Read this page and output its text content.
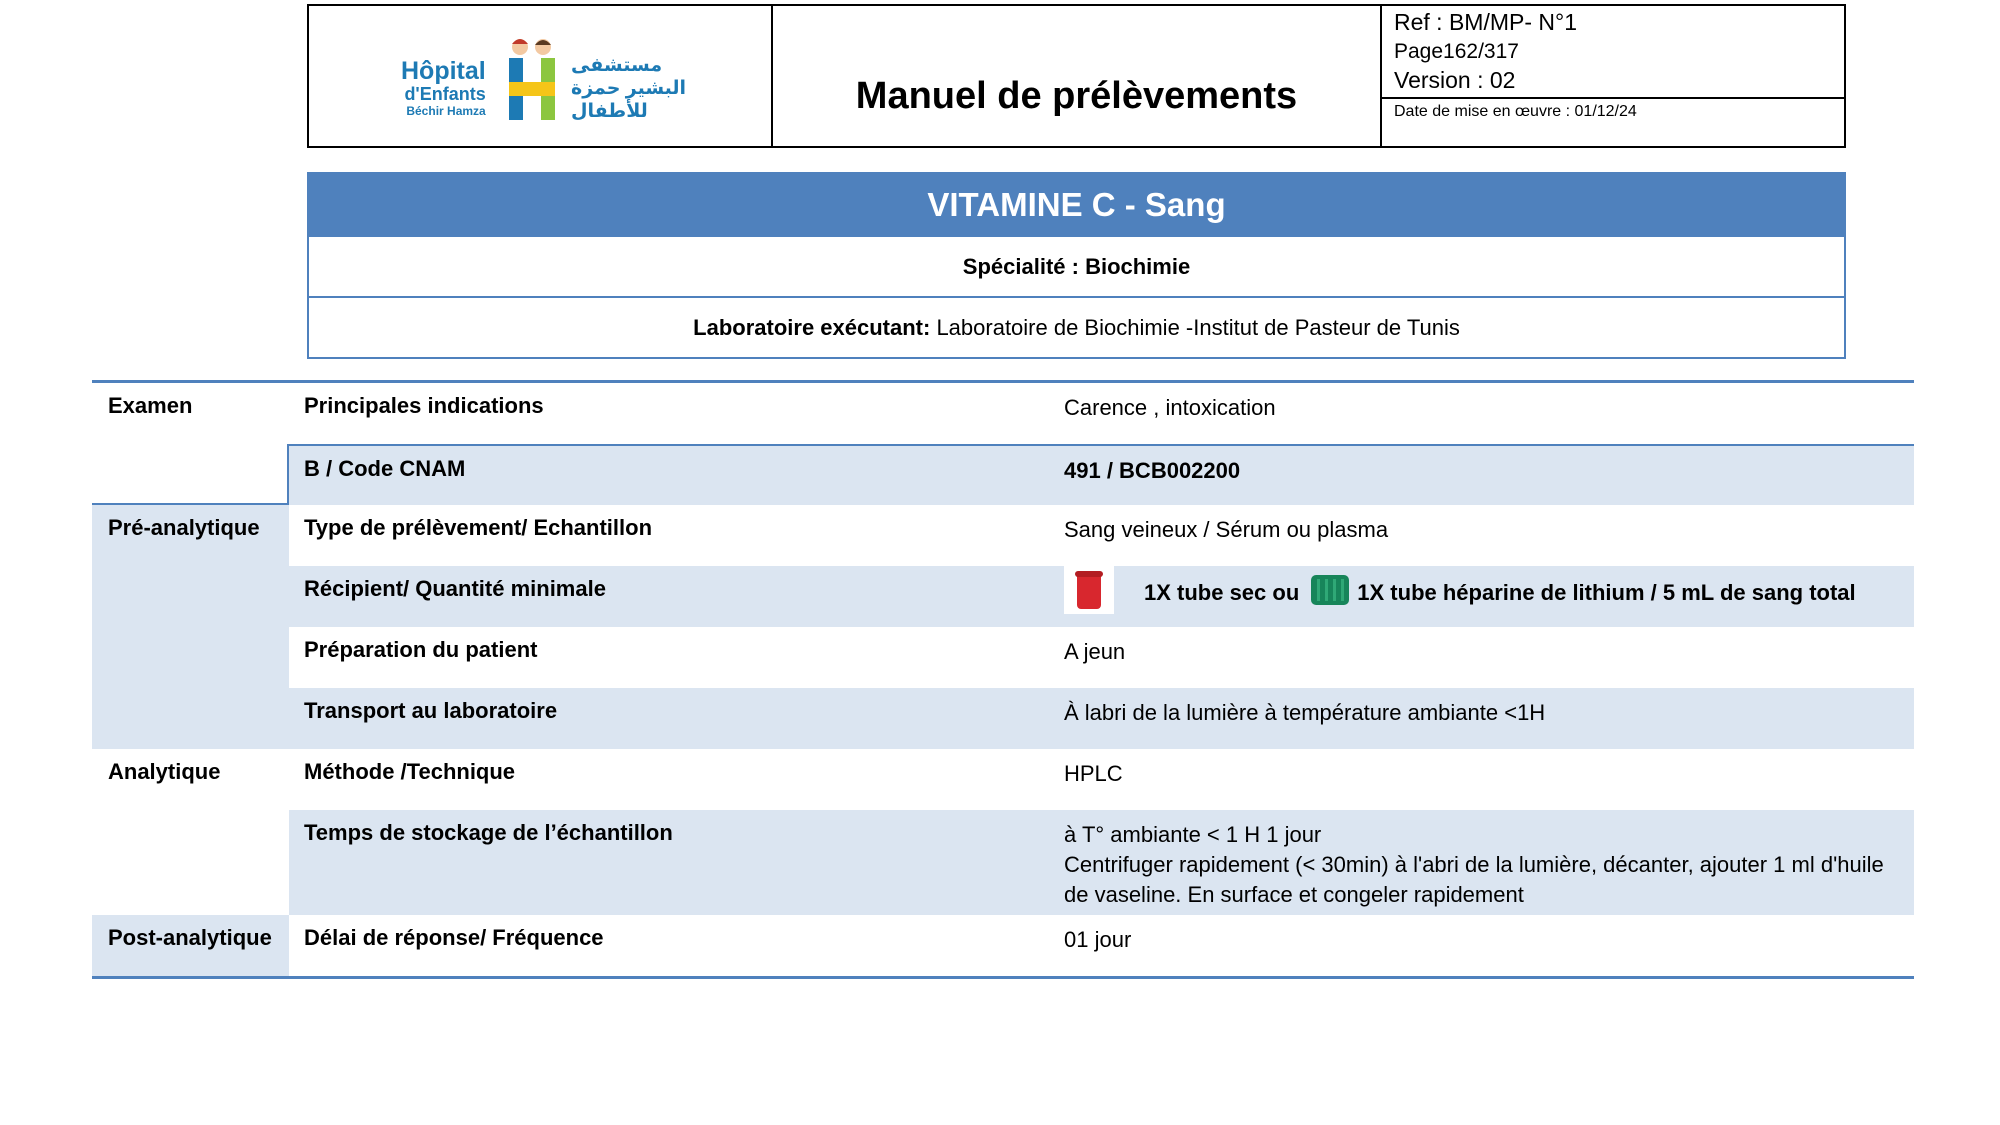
Hôpital
d'Enfants
Béchir Hamza
مستشفى
البشير حمزة
للأطفال	Manuel de prélèvements
Ref : BM/MP- N°1
Page162/317
Version : 02
Date de mise en œuvre : 01/12/24
VITAMINE C - Sang
Spécialité : Biochimie
Laboratoire exécutant: Laboratoire de Biochimie -Institut de Pasteur de Tunis
Examen	Principales indications	Carence , intoxication
B / Code CNAM	491 / BCB002200
Pré-analytique	Type de prélèvement/ Echantillon	Sang veineux / Sérum ou plasma
Récipient/ Quantité minimale	1X tube sec ou	1X tube héparine de lithium / 5 mL de sang total
Préparation du patient	A jeun
Transport au laboratoire	À labri de la lumière à température ambiante <1H
Analytique	Méthode /Technique	HPLC
Temps de stockage de l’échantillon	à T° ambiante < 1 H 1 jour

Centrifuger rapidement (< 30min) à l'abri de la lumière, décanter, ajouter 1 ml d'huile de vaseline. En surface et congeler rapidement

Post-analytique	Délai de réponse/ Fréquence	01 jour
